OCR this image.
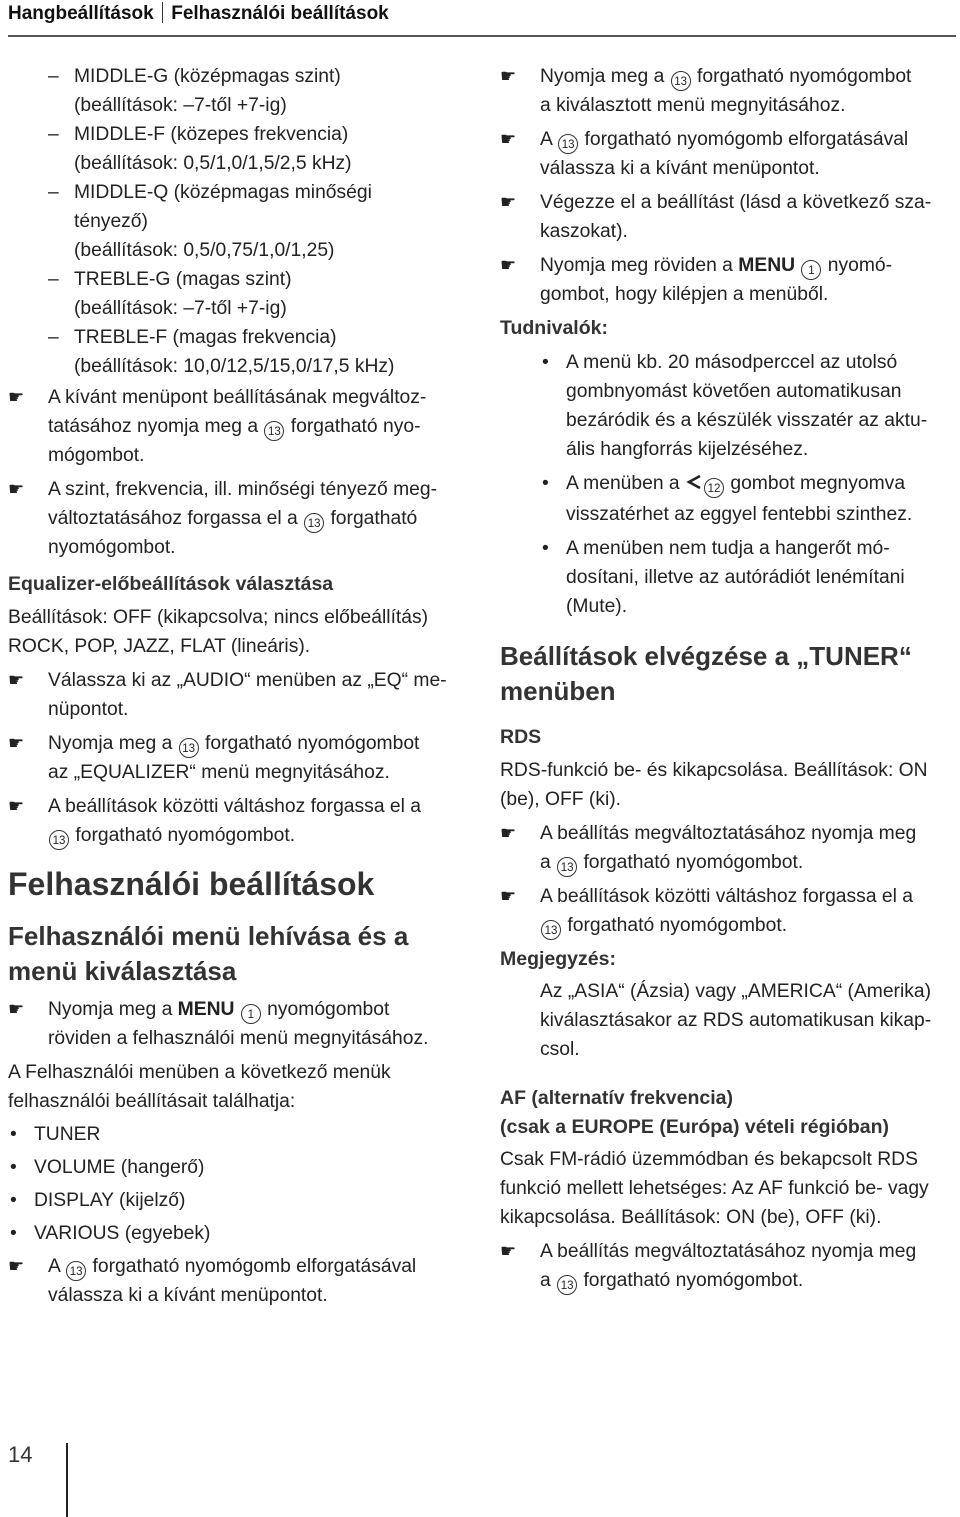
Hangbeállítások Felhasználói beállítások

– MIDDLE-G (középmagas szint)
(beállítások: –7-től +7-ig)

– MIDDLE-F (közepes frekvencia)
(beállítások: 0,5/1,0/1,5/2,5 kHz)

– MIDDLE-Q (középmagas minőségi
tényező)
(beállítások: 0,5/0,75/1,0/1,25)

– TREBLE-G (magas szint)
(beállítások: –7-től +7-ig)

– TREBLE-F (magas frekvencia)
(beállítások: 10,0/12,5/15,0/17,5 kHz)

☛ A kívánt menüpont beállításának megváltoz-
tatásához nyomja meg a 13 forgatható nyo-
mógombot.

☛ A szint, frekvencia, ill. minőségi tényező meg-
változtatásához forgassa el a 13 forgatható
nyomógombot.

Equalizer-előbeállítások választása

Beállítások: OFF (kikapcsolva; nincs előbeállítás)
ROCK, POP, JAZZ, FLAT (lineáris).

☛ Válassza ki az „AUDIO“ menüben az „EQ“ me-
nüpontot.

☛ Nyomja meg a 13 forgatható nyomógombot
az „EQUALIZER“ menü megnyitásához.

☛ A beállítások közötti váltáshoz forgassa el a
13 forgatható nyomógombot.

Felhasználói beállítások

Felhasználói menü lehívása és a
menü kiválasztása

☛ Nyomja meg a MENU 1 nyomógombot
röviden a felhasználói menü megnyitásához.

A Felhasználói menüben a következő menük
felhasználói beállításait találhatja:

• TUNER

• VOLUME (hangerő)

• DISPLAY (kijelző)

• VARIOUS (egyebek)

☛ A 13 forgatható nyomógomb elforgatásával
válassza ki a kívánt menüpontot.

☛ Nyomja meg a 13 forgatható nyomógombot
a kiválasztott menü megnyitásához.

☛ A 13 forgatható nyomógomb elforgatásával
válassza ki a kívánt menüpontot.

☛ Végezze el a beállítást (lásd a következő sza-
kaszokat).

☛ Nyomja meg röviden a MENU 1 nyomó-
gombot, hogy kilépjen a menüből.

Tudnivalók:

• A menü kb. 20 másodperccel az utolsó
gombnyomást követően automatikusan
bezáródik és a készülék visszatér az aktu-
ális hangforrás kijelzéséhez.

• A menüben a 12 gombot megnyomva
visszatérhet az eggyel fentebbi szinthez.

• A menüben nem tudja a hangerőt mó-
dosítani, illetve az autórádiót lenémítani
(Mute).

Beállítások elvégzése a „TUNER“
menüben

RDS

RDS-funkció be- és kikapcsolása. Beállítások: ON
(be), OFF (ki).

☛ A beállítás megváltoztatásához nyomja meg
a 13 forgatható nyomógombot.

☛ A beállítások közötti váltáshoz forgassa el a
13 forgatható nyomógombot.

Megjegyzés:

Az „ASIA“ (Ázsia) vagy „AMERICA“ (Amerika)
kiválasztásakor az RDS automatikusan kikap-
csol.

AF (alternatív frekvencia)
(csak a EUROPE (Európa) vételi régióban)

Csak FM-rádió üzemmódban és bekapcsolt RDS
funkció mellett lehetséges: Az AF funkció be- vagy
kikapcsolása. Beállítások: ON (be), OFF (ki).

☛ A beállítás megváltoztatásához nyomja meg
a 13 forgatható nyomógombot.

14
